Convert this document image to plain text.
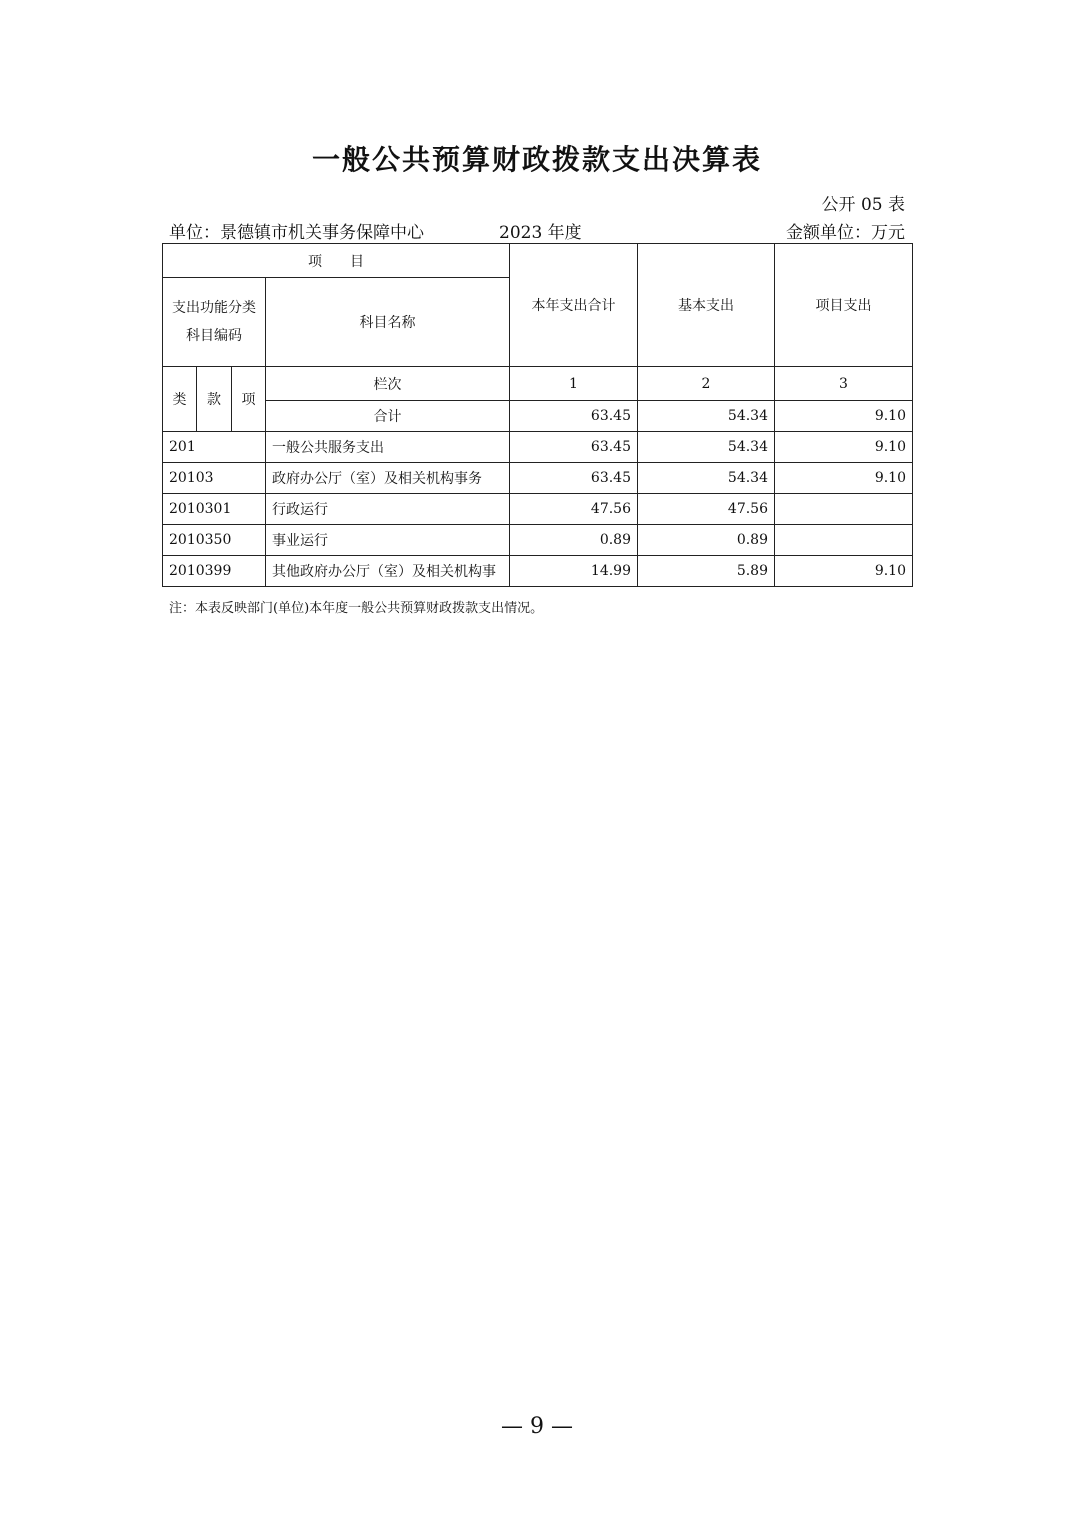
一般公共预算财政拨款支出决算表
公开 05 表
单位：景德镇市机关事务保障中心	2023 年度	金额单位：万元
项　　目				本年支出合计	基本支出	项目支出

支出功能分类
科目编码			科目名称			
类	款	项	栏次	1	2	3
			合计	63.45	54.34	9.10
201			一般公共服务支出	63.45	54.34	9.10
20103			政府办公厅（室）及相关机构事务	63.45	54.34	9.10
2010301			行政运行	47.56	47.56	
2010350			事业运行	0.89	0.89	
2010399			其他政府办公厅（室）及相关机构事	14.99	5.89	9.10
注：本表反映部门(单位)本年度一般公共预算财政拨款支出情况。
— 9 —
